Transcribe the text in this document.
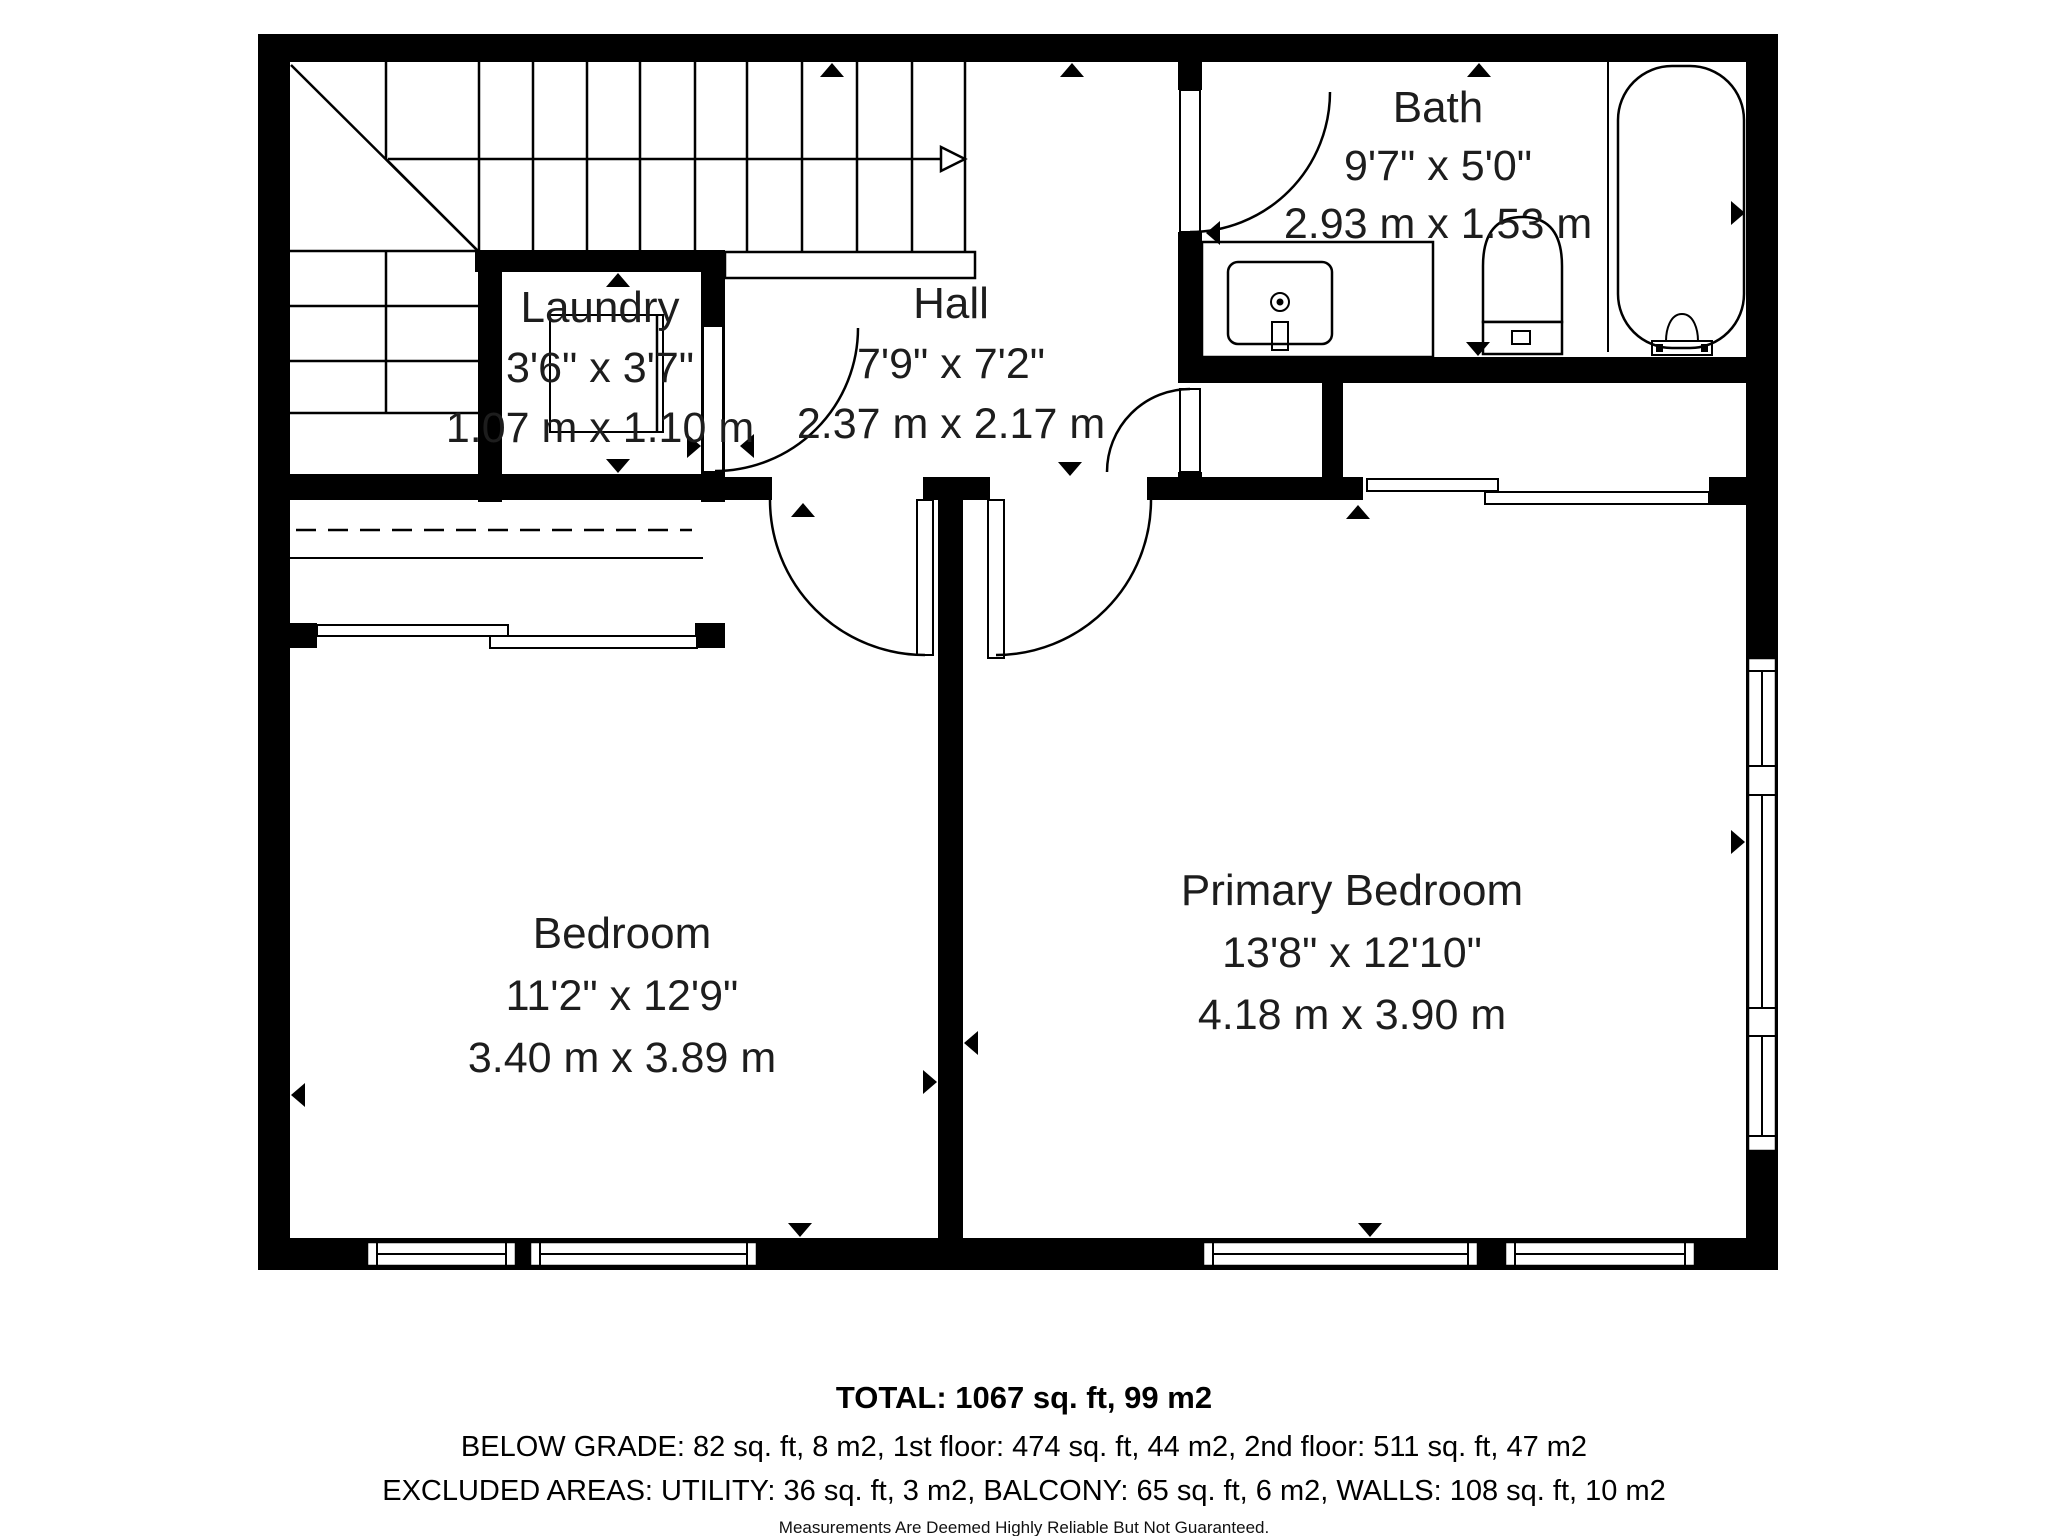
Laundry
3'6" x 3'7"
1.07 m x 1.10 m
Hall
7'9" x 7'2"
2.37 m x 2.17 m
Bath
9'7" x 5'0"
2.93 m x 1.53 m
Bedroom
11'2" x 12'9"
3.40 m x 3.89 m
Primary Bedroom
13'8" x 12'10"
4.18 m x 3.90 m
TOTAL: 1067 sq. ft, 99 m2
BELOW GRADE: 82 sq. ft, 8 m2, 1st floor: 474 sq. ft, 44 m2, 2nd floor: 511 sq. ft, 47 m2
EXCLUDED AREAS: UTILITY: 36 sq. ft, 3 m2, BALCONY: 65 sq. ft, 6 m2, WALLS: 108 sq. ft, 10 m2
Measurements Are Deemed Highly Reliable But Not Guaranteed.
